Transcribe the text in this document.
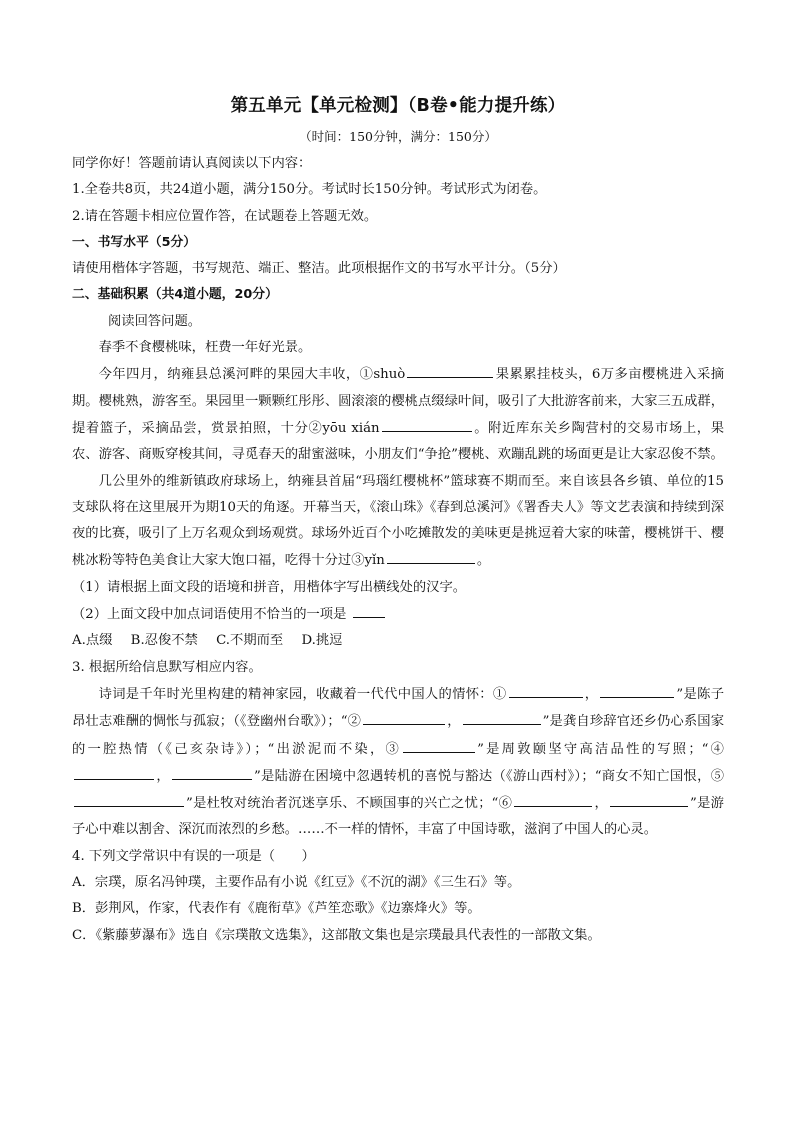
第五单元【单元检测】（B卷•能力提升练）

（时间：150分钟，满分：150分）

同学你好！答题前请认真阅读以下内容：

1.全卷共8页，共24道小题，满分150分。考试时长150分钟。考试形式为闭卷。

2.请在答题卡相应位置作答，在试题卷上答题无效。

一、书写水平（5分）

请使用楷体字答题，书写规范、端正、整洁。此项根据作文的书写水平计分。（5分）

二、基础积累（共4道小题，20分）

阅读回答问题。

春季不食樱桃味，枉费一年好光景。

今年四月，纳雍县总溪河畔的果园大丰收，①shuò	果累累挂枝头，6万多亩樱桃进入采摘期。樱桃熟，游客至。果园里一颗颗红彤彤、圆滚滚的樱桃点缀绿叶间，吸引了大批游客前来，大家三五成群，提着篮子，采摘品尝，赏景拍照，十分②yōu xián	。附近库东关乡陶营村的交易市场上，果农、游客、商贩穿梭其间，寻觅春天的甜蜜滋味，小朋友们“争抢”樱桃、欢蹦乱跳的场面更是让大家忍俊不禁。

几公里外的维新镇政府球场上，纳雍县首届“玛瑙红樱桃杯”篮球赛不期而至。来自该县各乡镇、单位的15支球队将在这里展开为期10天的角逐。开幕当天，《滚山珠》《春到总溪河》《署香夫人》等文艺表演和持续到深夜的比赛，吸引了上万名观众到场观赏。球场外近百个小吃摊散发的美味更是挑逗着大家的味蕾，樱桃饼干、樱桃冰粉等特色美食让大家大饱口福，吃得十分过③yǐn	。

（1）请根据上面文段的语境和拼音，用楷体字写出横线处的汉字。

（2）上面文段中加点词语使用不恰当的一项是

A.点缀 B.忍俊不禁 C.不期而至 D.挑逗

3. 根据所给信息默写相应内容。

诗词是千年时光里构建的精神家园，收藏着一代代中国人的情怀：①	，	”是陈子昂壮志难酬的惆怅与孤寂；（《登幽州台歌》）；“②	，	”是龚自珍辞官还乡仍心系国家的一腔热情（《己亥杂诗》）；“出淤泥而不染，③	”是周敦颐坚守高洁品性的写照；“④，	”是陆游在困境中忽遇转机的喜悦与豁达（《游山西村》）；“商女不知亡国恨，⑤”是杜牧对统治者沉迷享乐、不顾国事的兴亡之忧；“⑥	，	”是游子心中难以割舍、深沉而浓烈的乡愁。……不一样的情怀，丰富了中国诗歌，滋润了中国人的心灵。

4. 下列文学常识中有误的一项是（　　）

A．宗璞，原名冯钟璞，主要作品有小说《红豆》《不沉的湖》《三生石》等。

B．彭荆风，作家，代表作有《鹿衔草》《芦笙恋歌》《边寨烽火》等。

C．《紫藤萝瀑布》选自《宗璞散文选集》，这部散文集也是宗璞最具代表性的一部散文集。
